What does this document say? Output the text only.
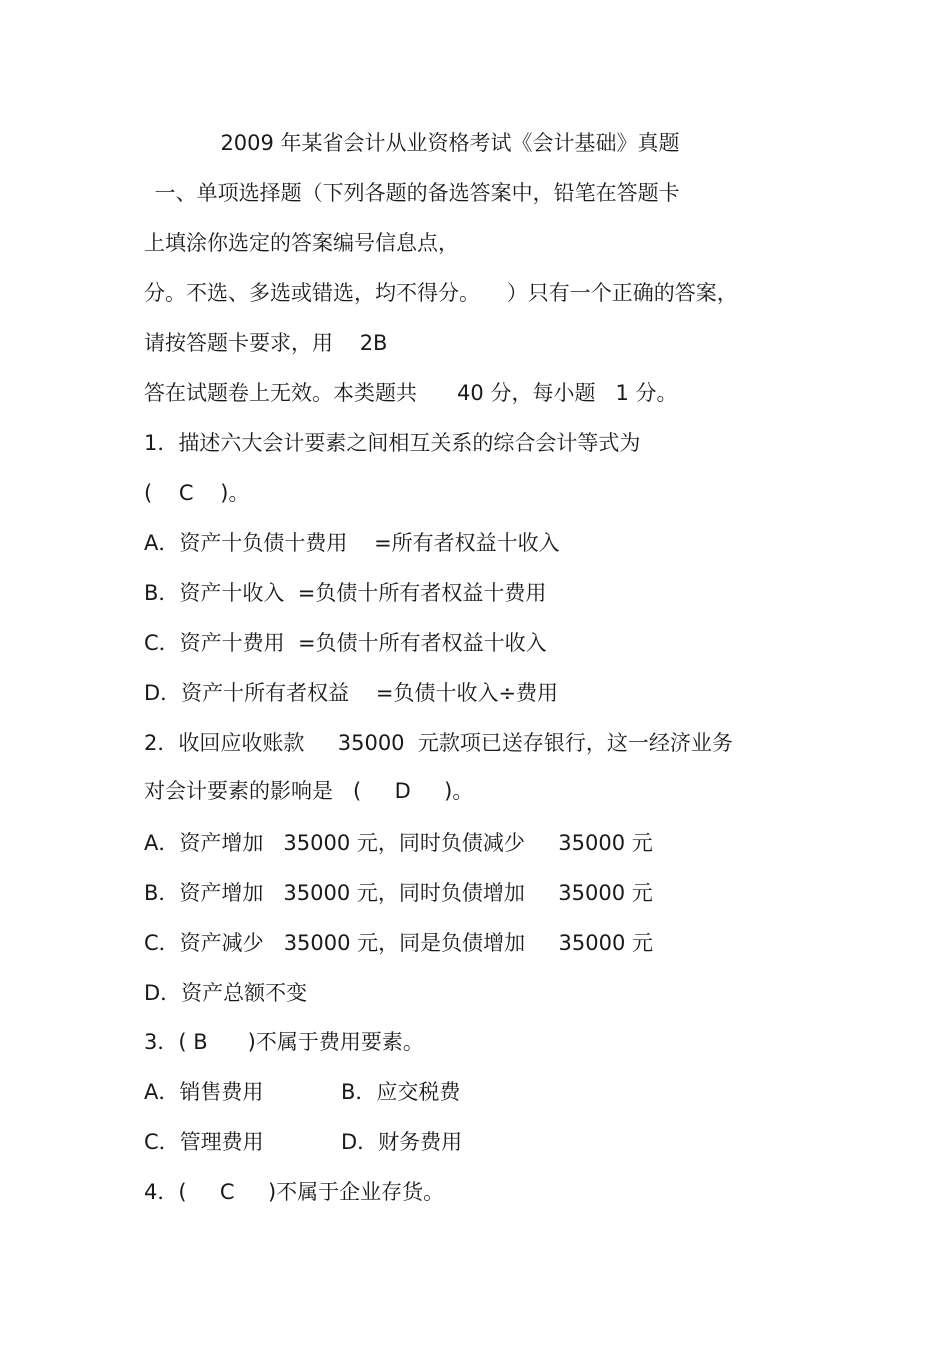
2009 年某省会计从业资格考试《会计基础》真题
一、单项选择题（下列各题的备选答案中，铅笔在答题卡
上填涂你选定的答案编号信息点，
分。不选、多选或错选，均不得分。    ）只有一个正确的答案，
请按答题卡要求，用    2B
答在试题卷上无效。本类题共      40 分，每小题   1 分。
1．描述六大会计要素之间相互关系的综合会计等式为
(    C    )。
A．资产十负债十费用    =所有者权益十收入
B．资产十收入  =负债十所有者权益十费用
C．资产十费用  =负债十所有者权益十收入
D．资产十所有者权益    =负债十收入÷费用
2．收回应收账款     35000  元款项已送存银行，这一经济业务
对会计要素的影响是   (     D     )。
A．资产增加   35000 元，同时负债减少     35000 元
B．资产增加   35000 元，同时负债增加     35000 元
C．资产减少   35000 元，同是负债增加     35000 元
D．资产总额不变
3．( B      )不属于费用要素。
A．销售费用	B．应交税费
C．管理费用	D．财务费用
4．(     C     )不属于企业存货。
